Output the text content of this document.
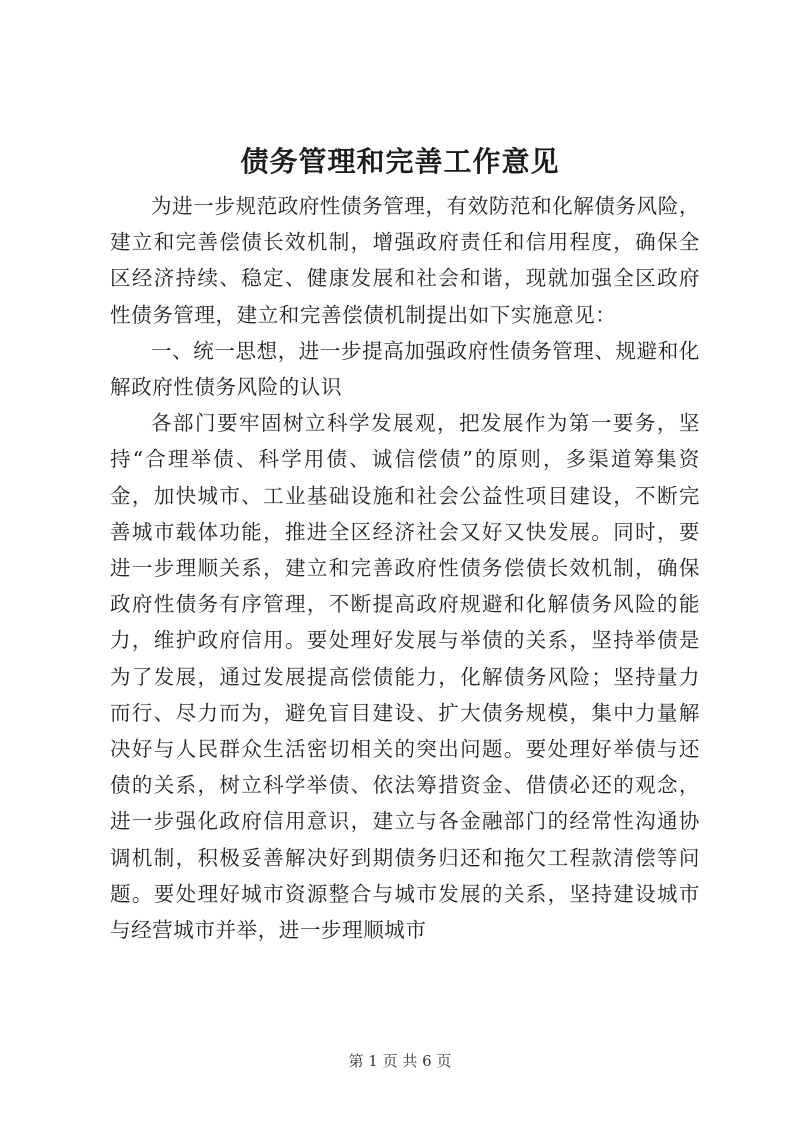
债务管理和完善工作意见

为进一步规范政府性债务管理，有效防范和化解债务风险，建立和完善偿债长效机制，增强政府责任和信用程度，确保全区经济持续、稳定、健康发展和社会和谐，现就加强全区政府性债务管理，建立和完善偿债机制提出如下实施意见：

一、统一思想，进一步提高加强政府性债务管理、规避和化解政府性债务风险的认识

各部门要牢固树立科学发展观，把发展作为第一要务，坚持“合理举债、科学用债、诚信偿债”的原则，多渠道筹集资金，加快城市、工业基础设施和社会公益性项目建设，不断完善城市载体功能，推进全区经济社会又好又快发展。同时，要进一步理顺关系，建立和完善政府性债务偿债长效机制，确保政府性债务有序管理，不断提高政府规避和化解债务风险的能力，维护政府信用。要处理好发展与举债的关系，坚持举债是为了发展，通过发展提高偿债能力，化解债务风险；坚持量力而行、尽力而为，避免盲目建设、扩大债务规模，集中力量解决好与人民群众生活密切相关的突出问题。要处理好举债与还债的关系，树立科学举债、依法筹措资金、借债必还的观念，进一步强化政府信用意识，建立与各金融部门的经常性沟通协调机制，积极妥善解决好到期债务归还和拖欠工程款清偿等问题。要处理好城市资源整合与城市发展的关系，坚持建设城市与经营城市并举，进一步理顺城市

第 1 页 共 6 页
